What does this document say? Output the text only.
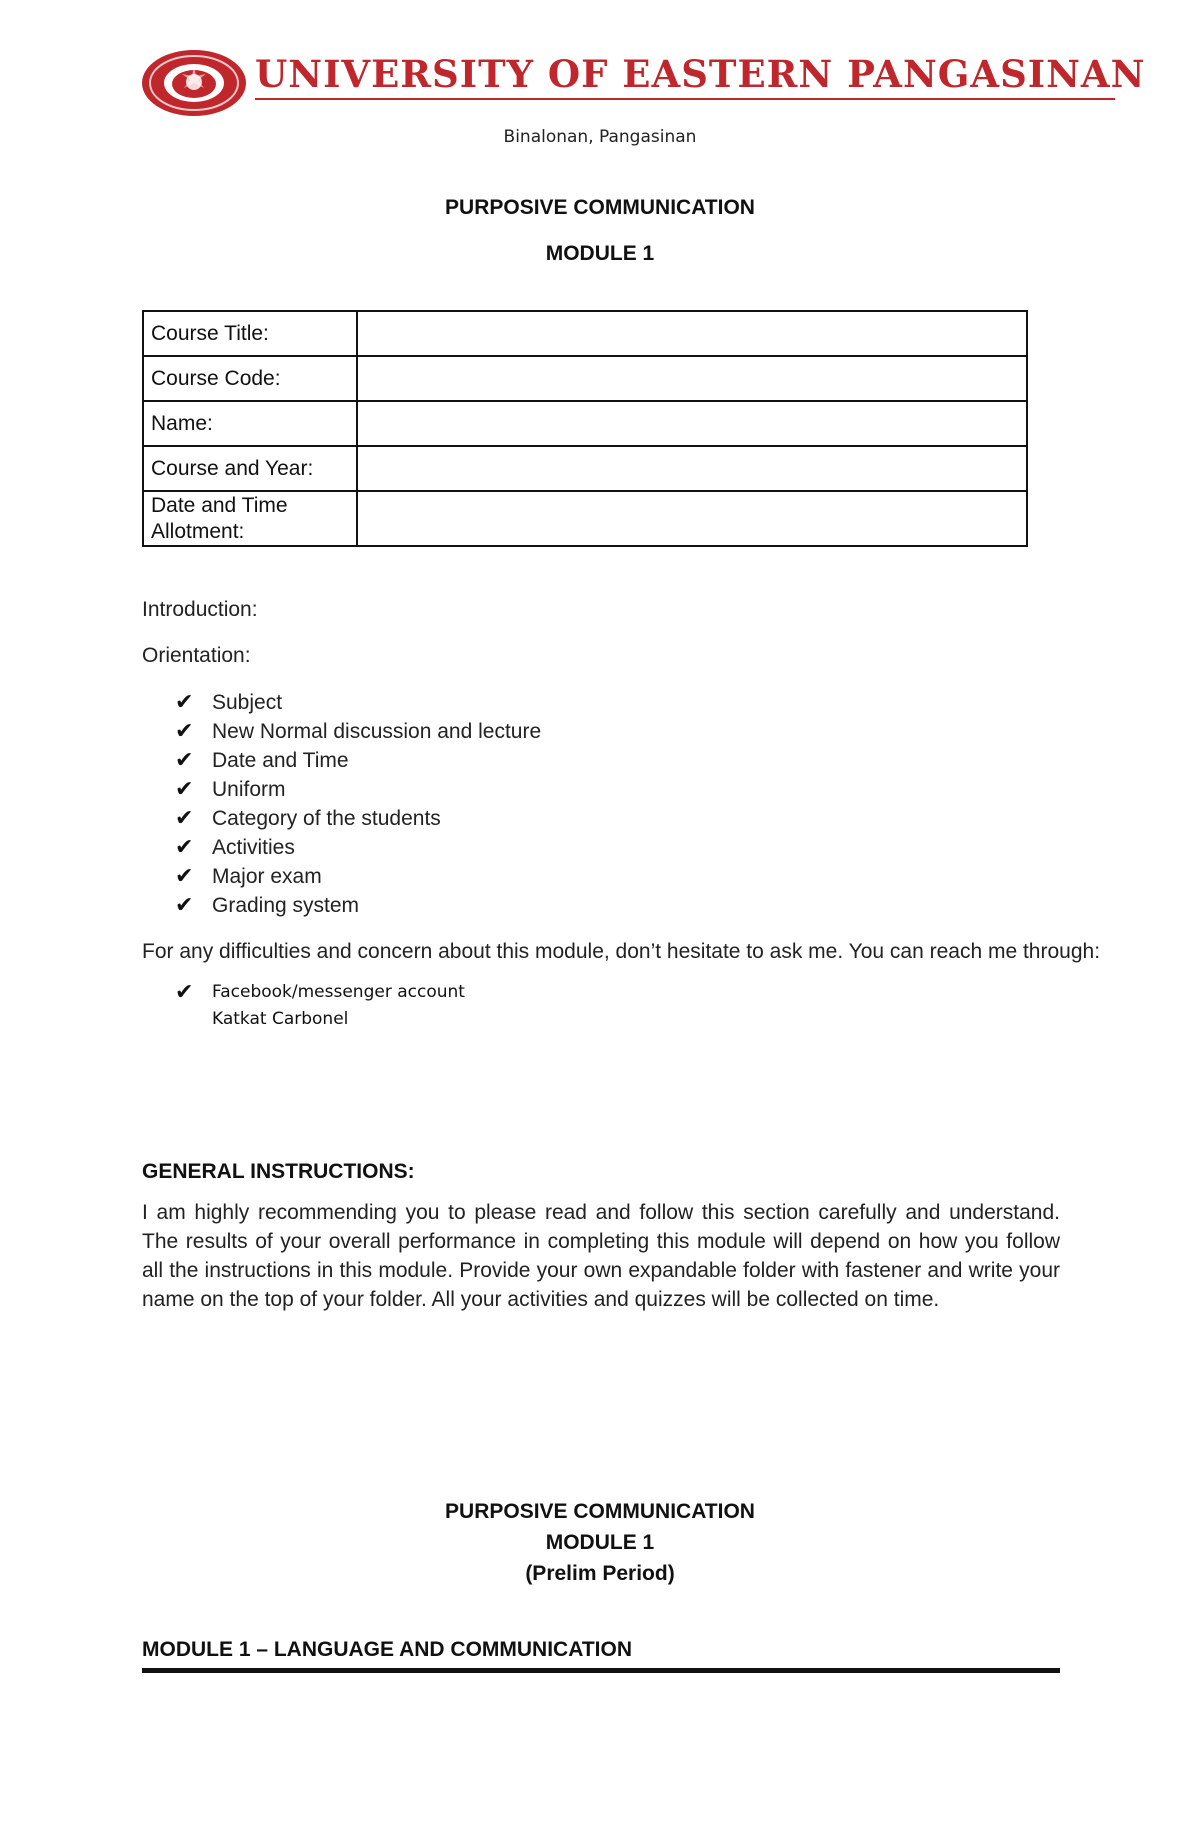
UNIVERSITY OF EASTERN PANGASINAN
Binalonan, Pangasinan
PURPOSIVE COMMUNICATION
MODULE 1
Course Title:	
Course Code:	
Name:	
Course and Year:	
Date and Time Allotment:	
Introduction:
Orientation:
✔ Subject
✔ New Normal discussion and lecture
✔ Date and Time
✔ Uniform
✔ Category of the students
✔ Activities
✔ Major exam
✔ Grading system
For any difficulties and concern about this module, don’t hesitate to ask me. You can reach me through:
✔	Facebook/messenger account
Katkat Carbonel
GENERAL INSTRUCTIONS:
I am highly recommending you to please read and follow this section carefully and understand. The results of your overall performance in completing this module will depend on how you follow all the instructions in this module. Provide your own expandable folder with fastener and write your name on the top of your folder. All your activities and quizzes will be collected on time.
PURPOSIVE COMMUNICATION
MODULE 1
(Prelim Period)
MODULE 1 – LANGUAGE AND COMMUNICATION
